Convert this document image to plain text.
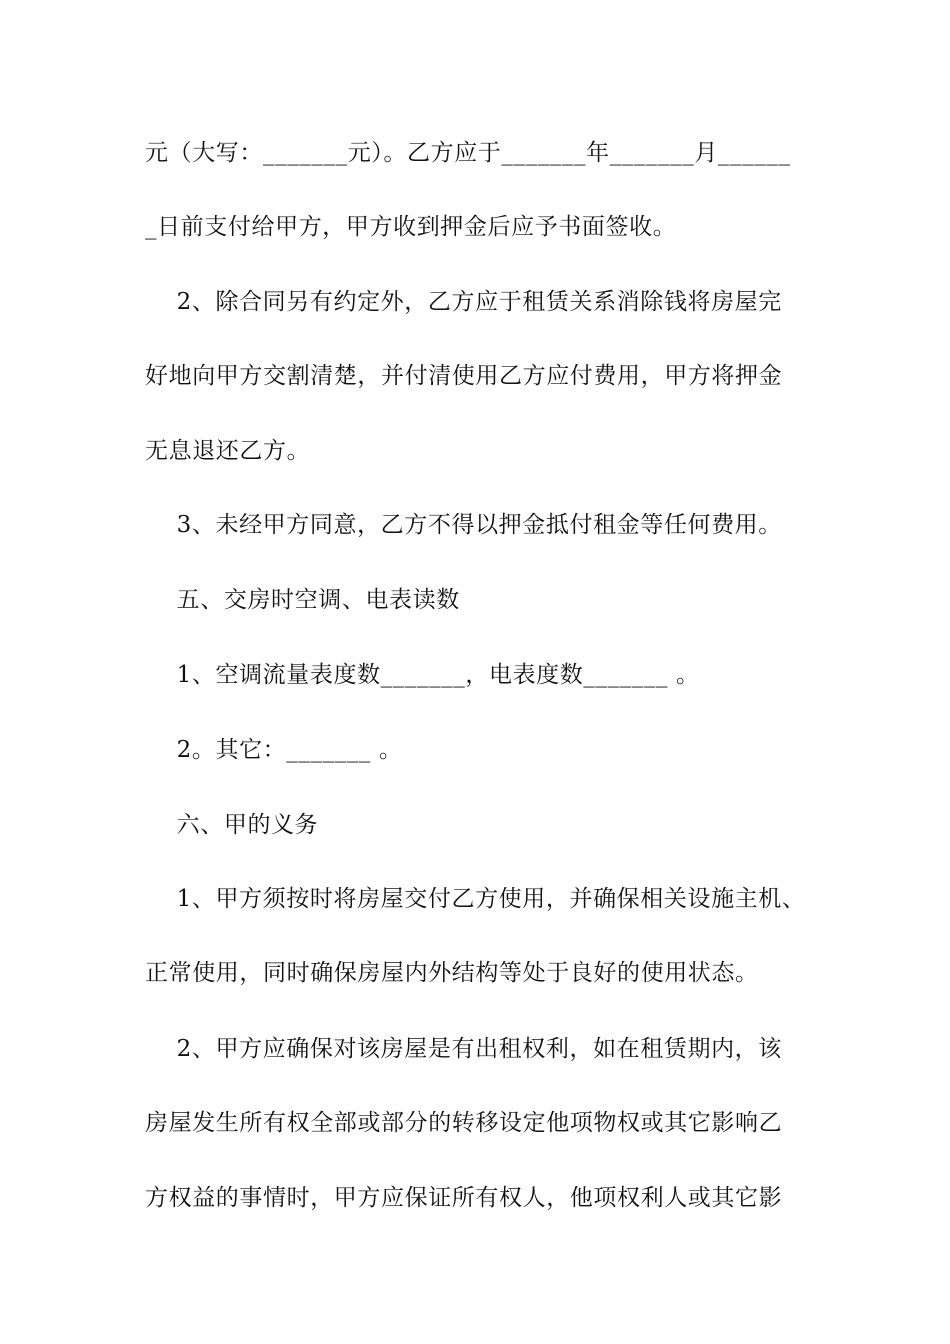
元（大写：_______元）。乙方应于_______年_______月______
_日前支付给甲方，甲方收到押金后应予书面签收。
2、除合同另有约定外，乙方应于租赁关系消除钱将房屋完
好地向甲方交割清楚，并付清使用乙方应付费用，甲方将押金
无息退还乙方。
3、未经甲方同意，乙方不得以押金抵付租金等任何费用。
五、交房时空调、电表读数
1、空调流量表度数_______，电表度数_______ 。
2。其它：_______ 。
六、甲的义务
1、甲方须按时将房屋交付乙方使用，并确保相关设施主机、
正常使用，同时确保房屋内外结构等处于良好的使用状态。
2、甲方应确保对该房屋是有出租权利，如在租赁期内，该
房屋发生所有权全部或部分的转移设定他项物权或其它影响乙
方权益的事情时，甲方应保证所有权人，他项权利人或其它影
